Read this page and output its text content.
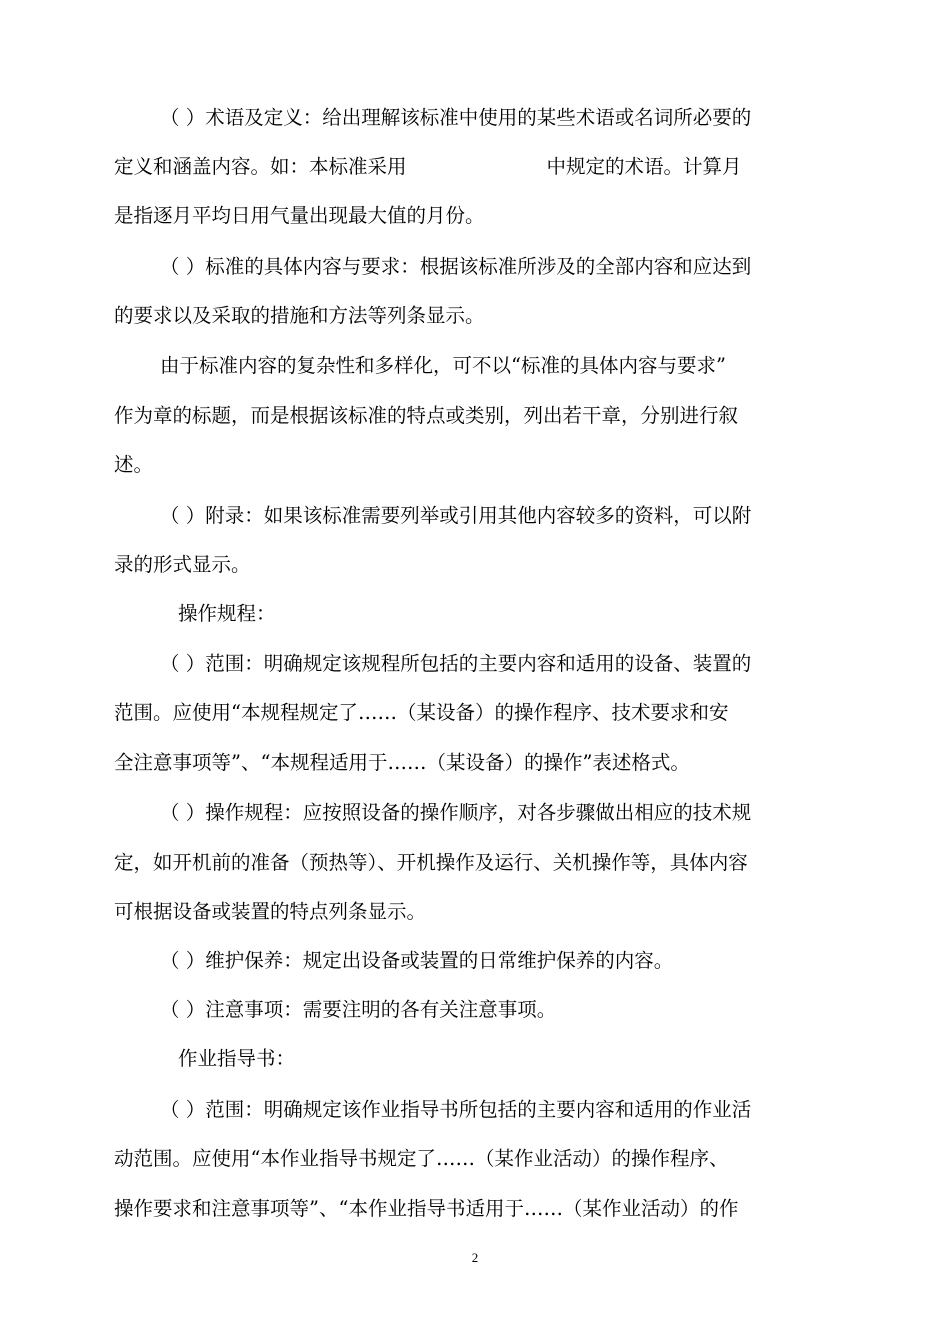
（ ）术语及定义：给出理解该标准中使用的某些术语或名词所必要的
定义和涵盖内容。如：本标准采用	中规定的术语。计算月
是指逐月平均日用气量出现最大值的月份。
（ ）标准的具体内容与要求：根据该标准所涉及的全部内容和应达到
的要求以及采取的措施和方法等列条显示。
由于标准内容的复杂性和多样化，可不以“标准的具体内容与要求”
作为章的标题，而是根据该标准的特点或类别，列出若干章，分别进行叙
述。
（ ）附录：如果该标准需要列举或引用其他内容较多的资料，可以附
录的形式显示。
操作规程：
（ ）范围：明确规定该规程所包括的主要内容和适用的设备、装置的
范围。应使用“本规程规定了……（某设备）的操作程序、技术要求和安
全注意事项等”、“本规程适用于……（某设备）的操作”表述格式。
（ ）操作规程：应按照设备的操作顺序，对各步骤做出相应的技术规
定，如开机前的准备（预热等）、开机操作及运行、关机操作等，具体内容
可根据设备或装置的特点列条显示。
（ ）维护保养：规定出设备或装置的日常维护保养的内容。
（ ）注意事项：需要注明的各有关注意事项。
作业指导书：
（ ）范围：明确规定该作业指导书所包括的主要内容和适用的作业活
动范围。应使用“本作业指导书规定了……（某作业活动）的操作程序、
操作要求和注意事项等”、“本作业指导书适用于……（某作业活动）的作
2
